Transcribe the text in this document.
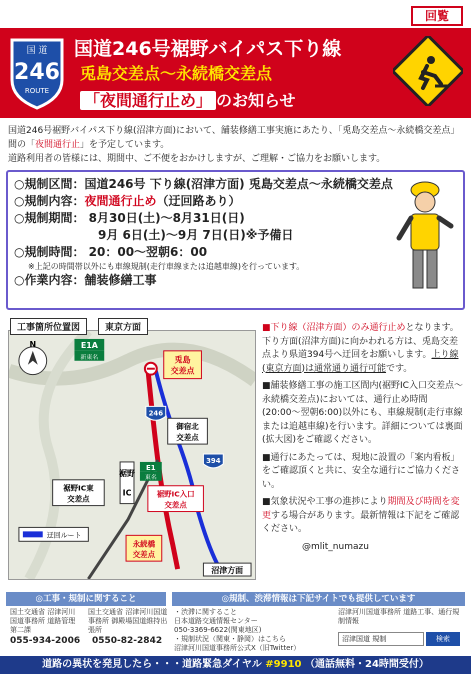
回覧
国 道
246
ROUTE
国道246号裾野バイパス下り線
兎島交差点〜永続橋交差点
「夜間通行止め」 のお知らせ

国道246号裾野バイパス下り線(沼津方面)において、舗装修繕工事実施にあたり、「兎島交差点〜永続橋交差点」間の「夜間通行止」を予定しています。

道路利用者の皆様には、期間中、ご不便をおかけしますが、ご理解・ご協力をお願いします。

○規制区間：国道246号 下り線(沼津方面) 兎島交差点〜永続橋交差点
○規制内容：夜間通行止め（迂回路あり）
○規制期間： 8月30日(土)〜8月31日(日)
9月 6日(土)〜9月 7日(日)※予備日
○規制時間： 20：00〜翌朝6：00
※上記の時間帯以外にも車線規制(走行車線または追越車線)を行っています。
○作業内容：舗装修繕工事
工事箇所位置図	東京方面
N	E1A
新東名	兎島
交差点
御宿北
交差点
246
394
裾野
IC
E1
東名
裾野IC東
交差点
裾野IC入口
交差点
迂回ルート
永続橋
交差点
沼津方面

■下り線（沼津方面）のみ通行止めとなります。下り方面(沼津方面)に向かわれる方は、兎島交差点より県道394号へ迂回をお願いします。上り線(東京方面)は通常通り通行可能です。

■舗装修繕工事の施工区間内(裾野IC入口交差点〜永続橋交差点)においては、通行止め時間(20:00〜翌朝6:00)以外にも、車線規制(走行車線または追越車線)を行います。詳細については裏面(拡大図)をご確認ください。

■通行にあたっては、現地に設置の「案内看板」をご確認頂くと共に、安全な通行にご協力ください。

■気象状況や工事の進捗により期間及び時間を変更する場合があります。最新情報は下記をご確認ください。

@mlit_numazu

◎工事・規制に関すること
国土交通省 沼津河川国道事務所 道路管理第二課
055-934-2006
国土交通省 沼津河川国道事務所 御殿場国道維持出張所
0550-82-2842
◎規制、渋滞情報は下記サイトでも提供しています
・渋滞に関すること
日本道路交通情報センター
050-3369-6622(関東地区)
・規制状況（関東・静岡）はこちら
沼津河川国道事務所公式X（旧Twitter）
沼津河川国道事務所 道路工事、通行規制情報
沼津国道 規制	検索
道路の異状を発見したら・・・道路緊急ダイヤル #9910 （通話無料・24時間受付）
